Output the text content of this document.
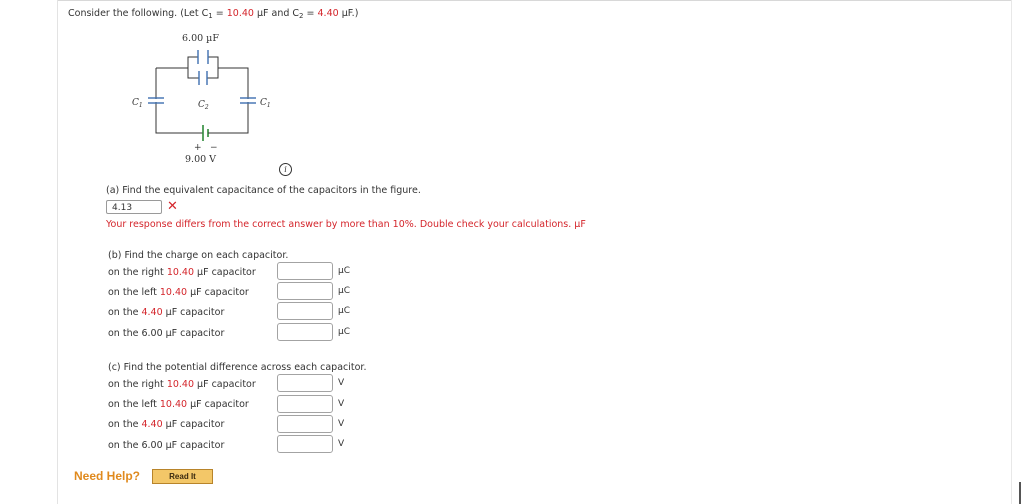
Consider the following. (Let $C_1 = 10.40$ µF and $C_2 = 4.40$ µF.)
6.00 µF
$C_1$	$C_2$	$C_1$
+ −
9.00 V
i
(a) Find the equivalent capacitance of the capacitors in the figure.
4.13	✕
Your response differs from the correct answer by more than 10%. Double check your calculations. µF
(b) Find the charge on each capacitor.
on the right 10.40 µF capacitor	µC
on the left 10.40 µF capacitor	µC
on the 4.40 µF capacitor	µC
on the 6.00 µF capacitor	µC
(c) Find the potential difference across each capacitor.
on the right 10.40 µF capacitor	V
on the left 10.40 µF capacitor	V
on the 4.40 µF capacitor	V
on the 6.00 µF capacitor	V
Need Help?	Read It
